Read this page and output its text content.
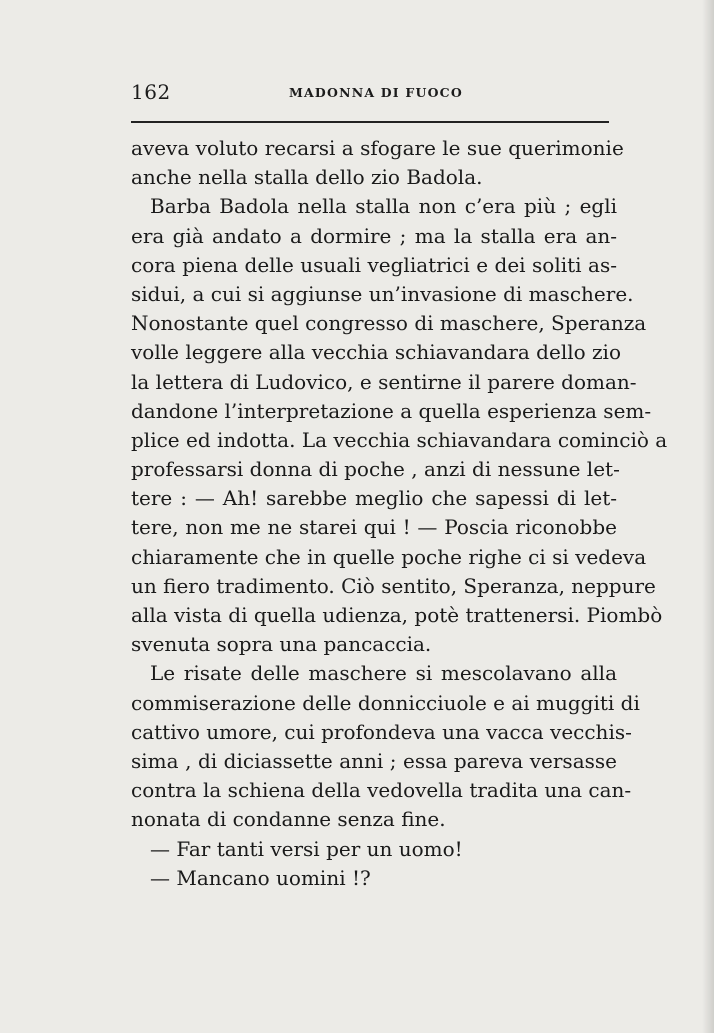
162	MADONNA DI FUOCO
aveva voluto recarsi a sfogare le sue querimonie
anche nella stalla dello zio Badola.
Barba Badola nella stalla non c’era più ; egli
era già andato a dormire ; ma la stalla era an-
cora piena delle usuali vegliatrici e dei soliti as-
sidui, a cui si aggiunse un’invasione di maschere.
Nonostante quel congresso di maschere, Speranza
volle leggere alla vecchia schiavandara dello zio
la lettera di Ludovico, e sentirne il parere doman-
dandone l’interpretazione a quella esperienza sem-
plice ed indotta. La vecchia schiavandara cominciò a
professarsi donna di poche , anzi di nessune let-
tere : — Ah! sarebbe meglio che sapessi di let-
tere, non me ne starei qui ! — Poscia riconobbe
chiaramente che in quelle poche righe ci si vedeva
un fiero tradimento. Ciò sentito, Speranza, neppure
alla vista di quella udienza, potè trattenersi. Piombò
svenuta sopra una pancaccia.
Le risate delle maschere si mescolavano alla
commiserazione delle donnicciuole e ai muggiti di
cattivo umore, cui profondeva una vacca vecchis-
sima , di diciassette anni ; essa pareva versasse
contra la schiena della vedovella tradita una can-
nonata di condanne senza fine.
— Far tanti versi per un uomo!
— Mancano uomini !?
